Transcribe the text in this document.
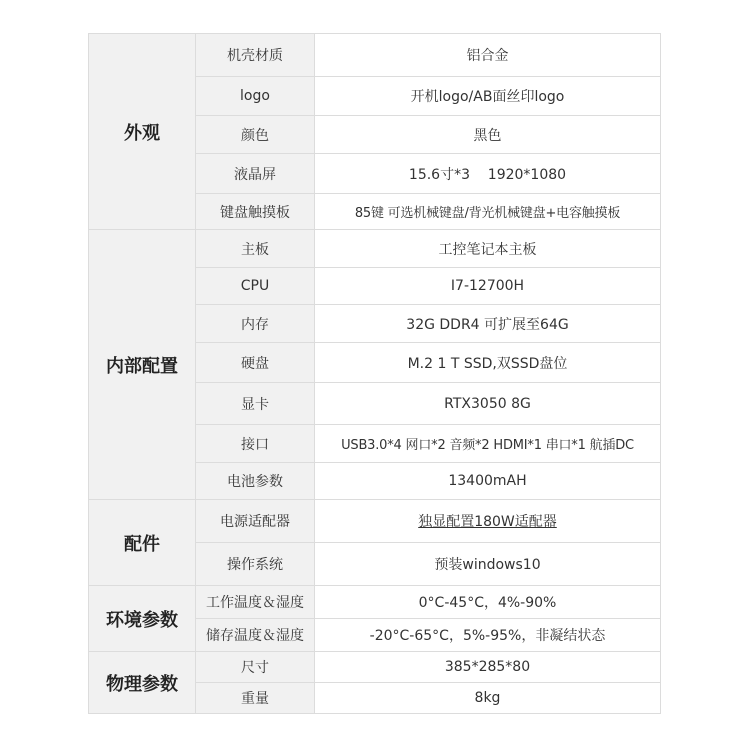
外观	机壳材质	铝合金
	logo	开机logo/AB面丝印logo
	颜色	黑色
	液晶屏	15.6寸*3    1920*1080
	键盘触摸板	85键 可选机械键盘/背光机械键盘+电容触摸板
内部配置	主板	工控笔记本主板
	CPU	I7-12700H
	内存	32G DDR4 可扩展至64G
	硬盘	M.2 1 T SSD,双SSD盘位
	显卡	RTX3050 8G
	接口	USB3.0*4 网口*2 音频*2 HDMI*1 串口*1 航插DC
	电池参数	13400mAH
配件	电源适配器	独显配置180W适配器
	操作系统	预装windows10
环境参数	工作温度＆湿度	0°C-45°C，4%-90%
	储存温度＆湿度	-20°C-65°C，5%-95%，非凝结状态
物理参数	尺寸	385*285*80
	重量	8kg
